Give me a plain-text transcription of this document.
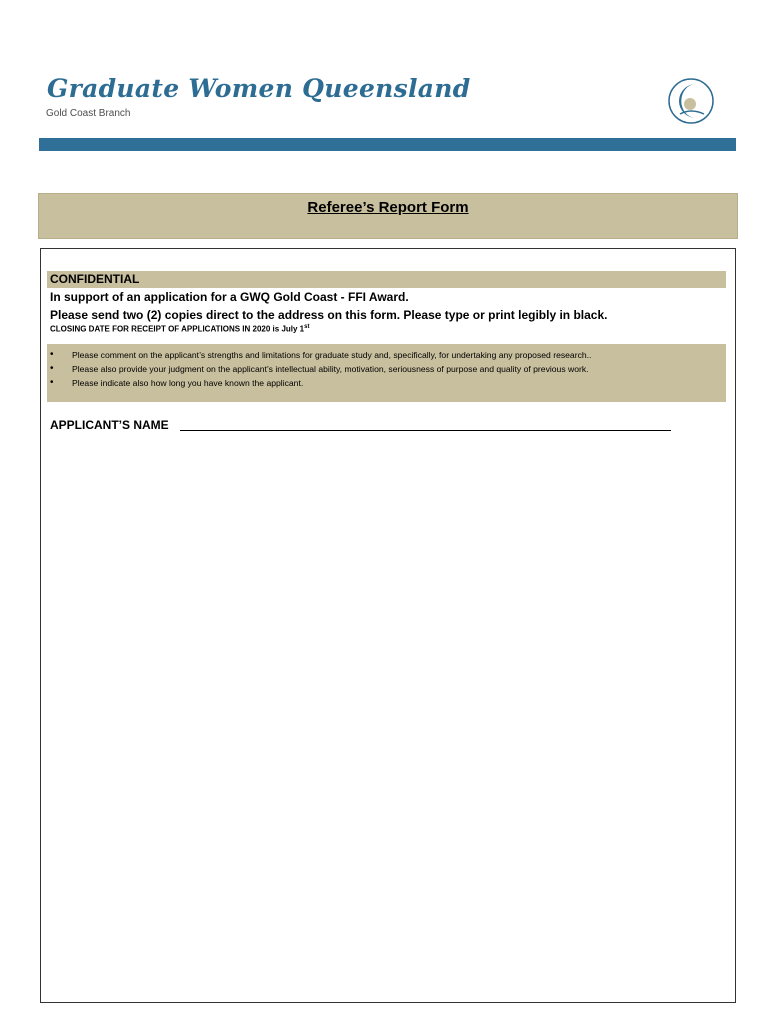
Graduate Women Queensland
Gold Coast Branch
Referee’s Report Form
CONFIDENTIAL
In support of an application for a GWQ Gold Coast - FFI Award.
Please send two (2) copies direct to the address on this form. Please type or print legibly in black.
CLOSING DATE FOR RECEIPT OF APPLICATIONS IN 2020 is July 1st
• Please comment on the applicant’s strengths and limitations for graduate study and, specifically, for undertaking any proposed research..
• Please also provide your judgment on the applicant’s intellectual ability, motivation, seriousness of purpose and quality of previous work.
• Please indicate also how long you have known the applicant.
APPLICANT’S NAME
